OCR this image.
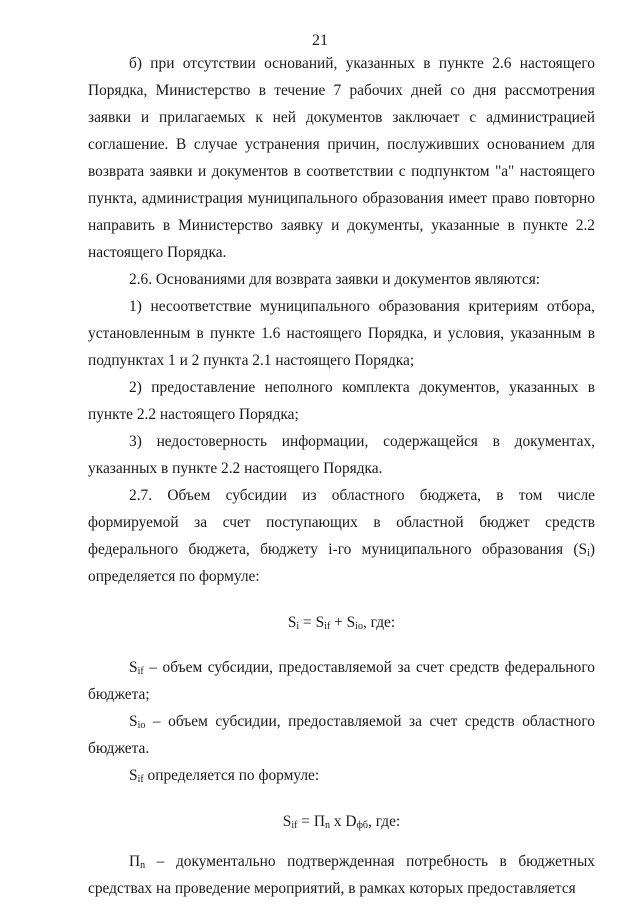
21

б) при отсутствии оснований, указанных в пункте 2.6 настоящего Порядка, Министерство в течение 7 рабочих дней со дня рассмотрения заявки и прилагаемых к ней документов заключает с администрацией соглашение. В случае устранения причин, послуживших основанием для возврата заявки и документов в соответствии с подпунктом "а" настоящего пункта, администрация муниципального образования имеет право повторно направить в Министерство заявку и документы, указанные в пункте 2.2 настоящего Порядка.

2.6. Основаниями для возврата заявки и документов являются:

1) несоответствие муниципального образования критериям отбора, установленным в пункте 1.6 настоящего Порядка, и условия, указанным в подпунктах 1 и 2 пункта 2.1 настоящего Порядка;

2) предоставление неполного комплекта документов, указанных в пункте 2.2 настоящего Порядка;

3) недостоверность информации, содержащейся в документах, указанных в пункте 2.2 настоящего Порядка.

2.7. Объем субсидии из областного бюджета, в том числе формируемой за счет поступающих в областной бюджет средств федерального бюджета, бюджету i-го муниципального образования $(S_i)$ определяется по формуле:

$S_i = S_{if} + S_{io}$, где:

$S_{if}$ – объем субсидии, предоставляемой за счет средств федерального бюджета;

$S_{io}$ – объем субсидии, предоставляемой за счет средств областного бюджета.

$S_{if}$ определяется по формуле:

$S_{if} = П_n$ x $D_{фб}$, где:

$П_n$ – документально подтвержденная потребность в бюджетных средствах на проведение мероприятий, в рамках которых предоставляется
